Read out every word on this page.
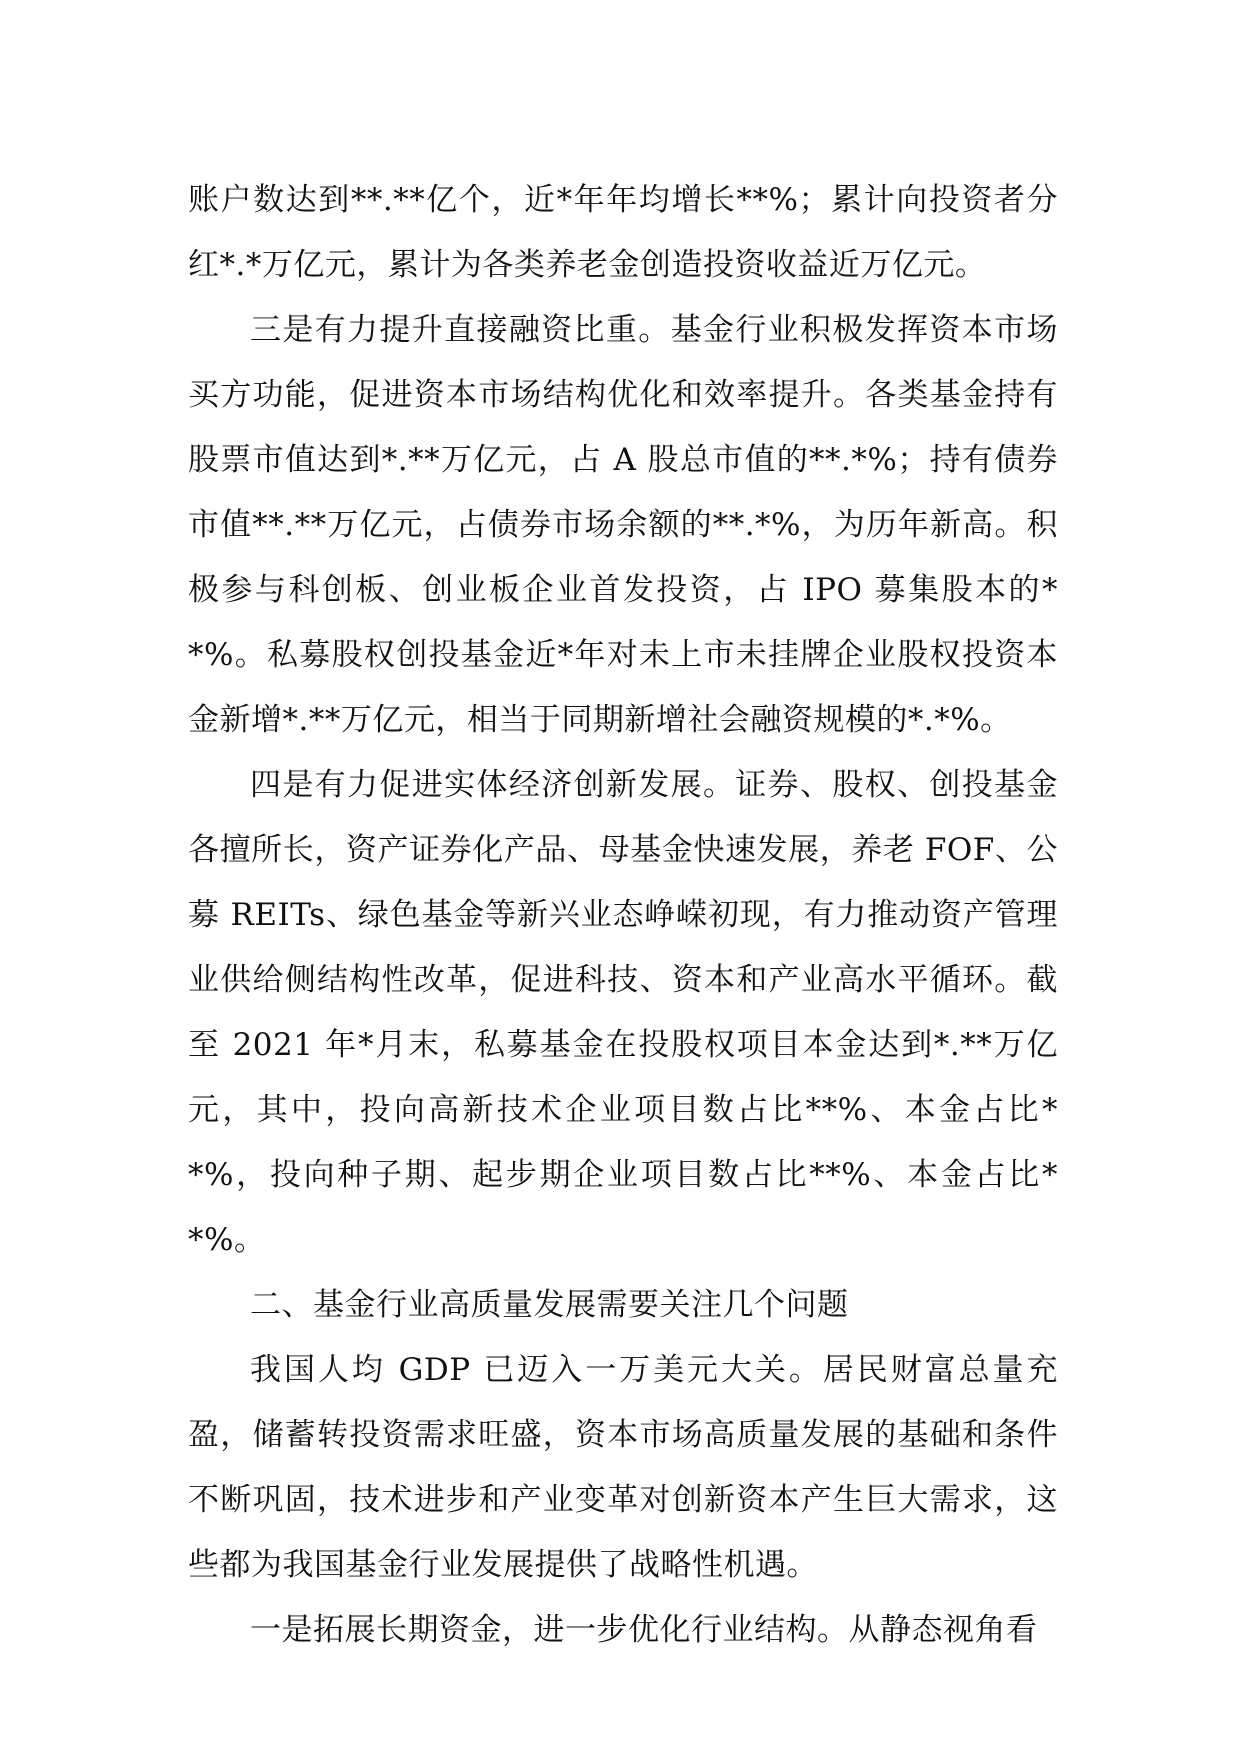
账户数达到**.**亿个，近*年年均增长**%；累计向投资者分红*.*万亿元，累计为各类养老金创造投资收益近万亿元。

三是有力提升直接融资比重。基金行业积极发挥资本市场买方功能，促进资本市场结构优化和效率提升。各类基金持有股票市值达到*.**万亿元，占 A 股总市值的**.*%；持有债券市值**.**万亿元，占债券市场余额的**.*%，为历年新高。积极参与科创板、创业板企业首发投资，占 IPO 募集股本的**%。私募股权创投基金近*年对未上市未挂牌企业股权投资本金新增*.**万亿元，相当于同期新增社会融资规模的*.*%。

四是有力促进实体经济创新发展。证券、股权、创投基金各擅所长，资产证券化产品、母基金快速发展，养老 FOF、公募 REITs、绿色基金等新兴业态峥嵘初现，有力推动资产管理业供给侧结构性改革，促进科技、资本和产业高水平循环。截至 2021 年*月末，私募基金在投股权项目本金达到*.**万亿元，其中，投向高新技术企业项目数占比**%、本金占比**%，投向种子期、起步期企业项目数占比**%、本金占比**%。

二、基金行业高质量发展需要关注几个问题

我国人均 GDP 已迈入一万美元大关。居民财富总量充盈，储蓄转投资需求旺盛，资本市场高质量发展的基础和条件不断巩固，技术进步和产业变革对创新资本产生巨大需求，这些都为我国基金行业发展提供了战略性机遇。

一是拓展长期资金，进一步优化行业结构。从静态视角看
